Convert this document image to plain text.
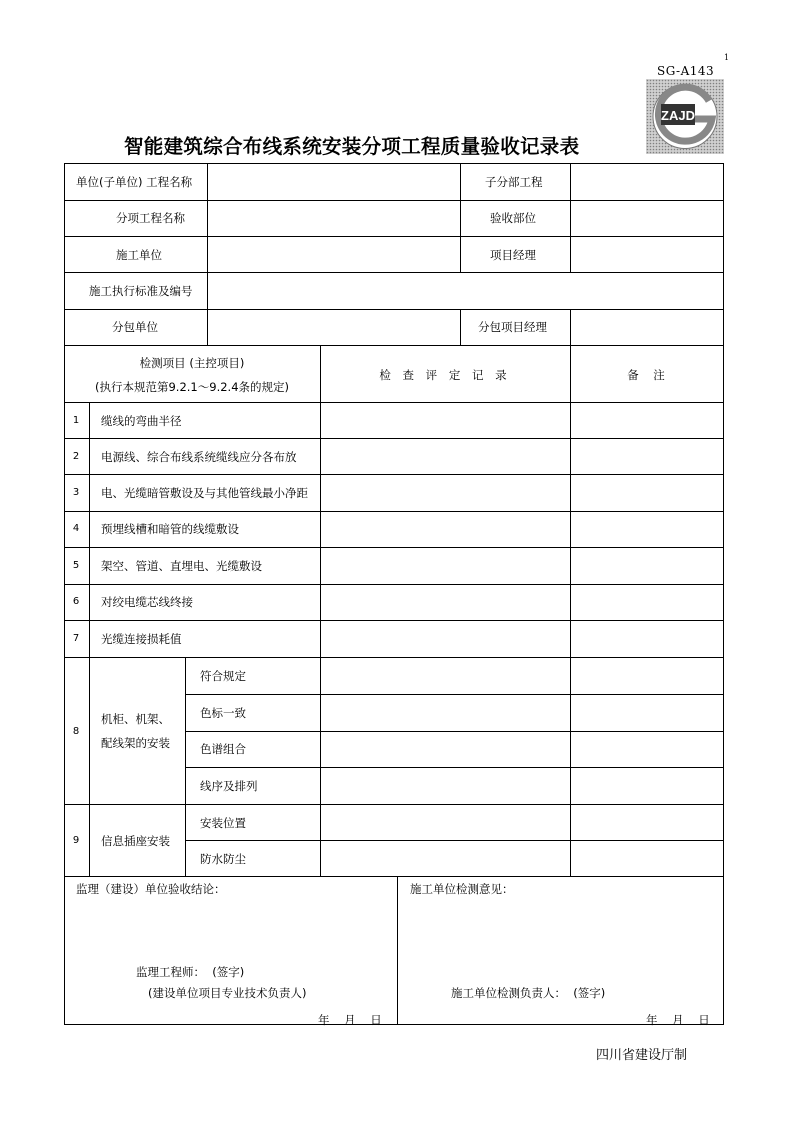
1
SG-A143
ZAJD
智能建筑综合布线系统安装分项工程质量验收记录表
单位(子单位) 工程名称	子分部工程
分项工程名称	验收部位
施工单位	项目经理
施工执行标准及编号
分包单位	分包项目经理
检测项目 (主控项目)
(执行本规范第9.2.1～9.2.4条的规定)
检 查 评 定 记 录	备    注
1 缆线的弯曲半径
2 电源线、综合布线系统缆线应分各布放
3 电、光缆暗管敷设及与其他管线最小净距
4 预埋线槽和暗管的线缆敷设
5 架空、管道、直埋电、光缆敷设
6 对绞电缆芯线终接
7 光缆连接损耗值
8
机柜、机架、
配线架的安装
符合规定
色标一致
色谱组合
线序及排列
9 信息插座安装
安装位置
防水防尘
监理（建设）单位验收结论：
监理工程师：  (签字)
(建设单位项目专业技术负责人)
年    月    日
施工单位检测意见：
施工单位检测负责人：  (签字)
年    月    日
四川省建设厅制
